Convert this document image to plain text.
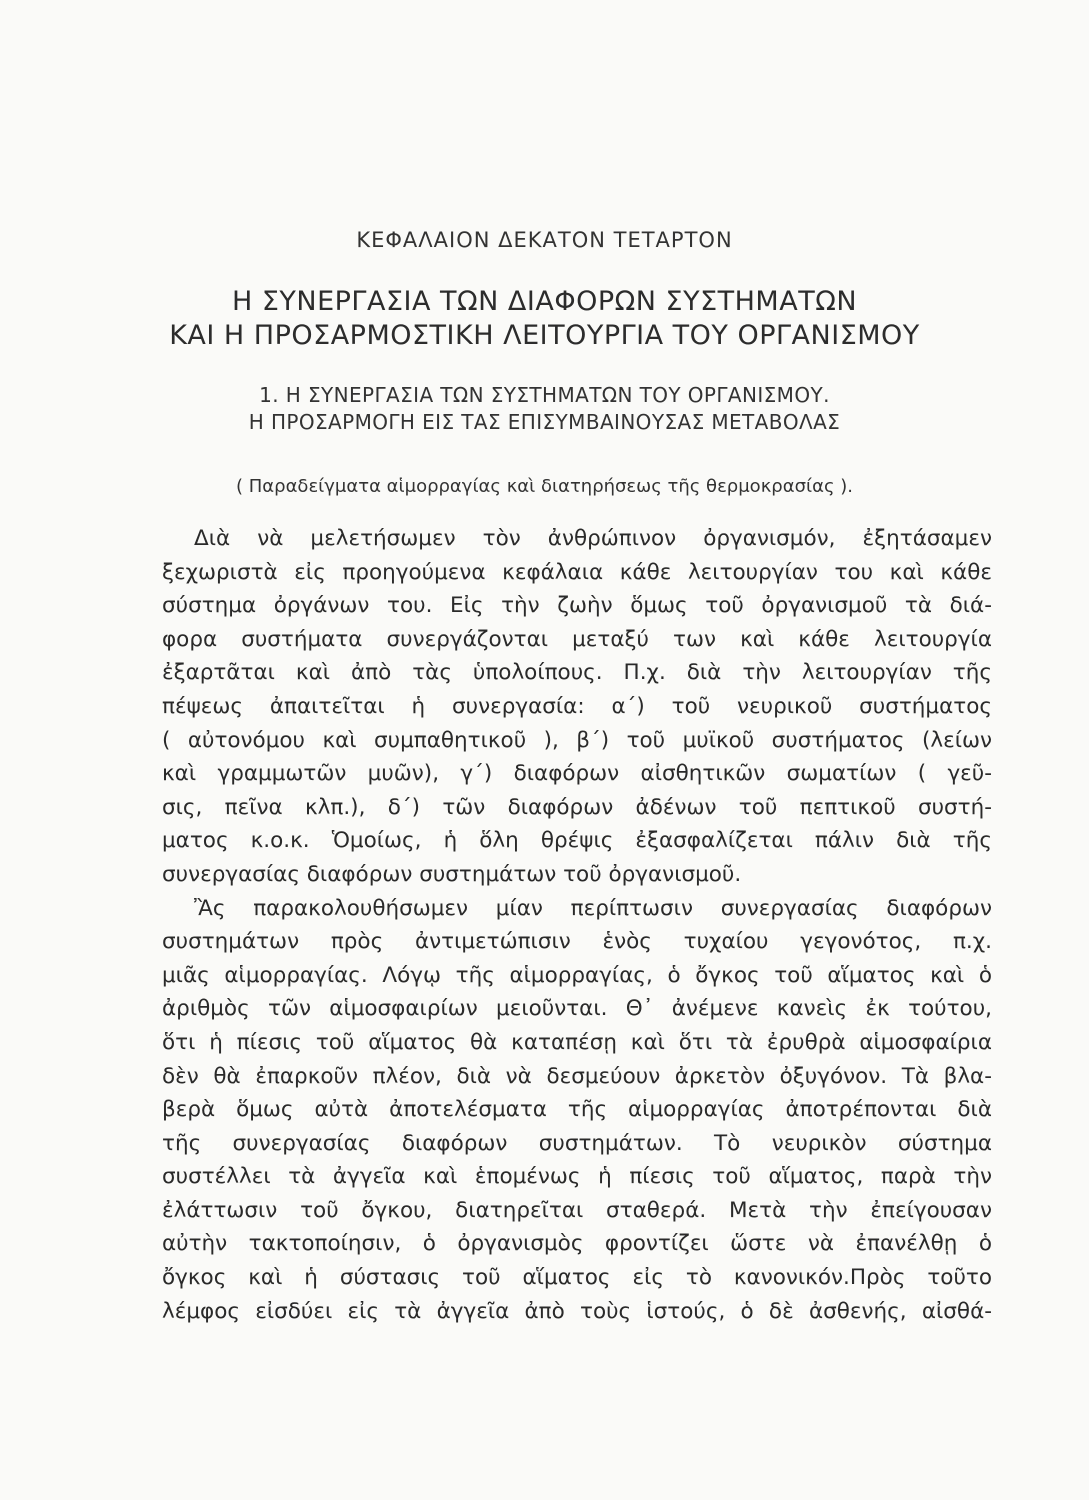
ΚΕΦΑΛΑΙΟΝ ΔΕΚΑΤΟΝ ΤΕΤΑΡΤΟΝ
Η ΣΥΝΕΡΓΑΣΙΑ ΤΩΝ ΔΙΑΦΟΡΩΝ ΣΥΣΤΗΜΑΤΩΝ
ΚΑΙ Η ΠΡΟΣΑΡΜΟΣΤΙΚΗ ΛΕΙΤΟΥΡΓΙΑ ΤΟΥ ΟΡΓΑΝΙΣΜΟΥ
1. Η ΣΥΝΕΡΓΑΣΙΑ ΤΩΝ ΣΥΣΤΗΜΑΤΩΝ ΤΟΥ ΟΡΓΑΝΙΣΜΟΥ.
Η ΠΡΟΣΑΡΜΟΓΗ ΕΙΣ ΤΑΣ ΕΠΙΣΥΜΒΑΙΝΟΥΣΑΣ ΜΕΤΑΒΟΛΑΣ
( Παραδείγματα αἱμορραγίας καὶ διατηρήσεως τῆς θερμοκρασίας ).
Διὰ νὰ μελετήσωμεν τὸν ἀνθρώπινον ὀργανισμόν, ἐξητάσαμεν
ξεχωριστὰ εἰς προηγούμενα κεφάλαια κάθε λειτουργίαν του καὶ κάθε
σύστημα ὀργάνων του. Εἰς τὴν ζωὴν ὅμως τοῦ ὀργανισμοῦ τὰ διά-
φορα συστήματα συνεργάζονται μεταξύ των καὶ κάθε λειτουργία
ἐξαρτᾶται καὶ ἀπὸ τὰς ὑπολοίπους. Π.χ. διὰ τὴν λειτουργίαν τῆς
πέψεως ἀπαιτεῖται ἡ συνεργασία: α΄) τοῦ νευρικοῦ συστήματος
( αὐτονόμου καὶ συμπαθητικοῦ ), β΄) τοῦ μυϊκοῦ συστήματος (λείων
καὶ γραμμωτῶν μυῶν), γ΄) διαφόρων αἰσθητικῶν σωματίων ( γεῦ-
σις, πεῖνα κλπ.), δ΄) τῶν διαφόρων ἀδένων τοῦ πεπτικοῦ συστή-
ματος κ.ο.κ. Ὁμοίως, ἡ ὅλη θρέψις ἐξασφαλίζεται πάλιν διὰ τῆς
συνεργασίας διαφόρων συστημάτων τοῦ ὀργανισμοῦ.
Ἂς παρακολουθήσωμεν μίαν περίπτωσιν συνεργασίας διαφόρων
συστημάτων πρὸς ἀντιμετώπισιν ἑνὸς τυχαίου γεγονότος, π.χ.
μιᾶς αἱμορραγίας. Λόγῳ τῆς αἱμορραγίας, ὁ ὄγκος τοῦ αἵματος καὶ ὁ
ἀριθμὸς τῶν αἱμοσφαιρίων μειοῦνται. Θ᾿ ἀνέμενε κανεὶς ἐκ τούτου,
ὅτι ἡ πίεσις τοῦ αἵματος θὰ καταπέσῃ καὶ ὅτι τὰ ἐρυθρὰ αἱμοσφαίρια
δὲν θὰ ἐπαρκοῦν πλέον, διὰ νὰ δεσμεύουν ἀρκετὸν ὀξυγόνον. Τὰ βλα-
βερὰ ὅμως αὐτὰ ἀποτελέσματα τῆς αἱμορραγίας ἀποτρέπονται διὰ
τῆς συνεργασίας διαφόρων συστημάτων. Τὸ νευρικὸν σύστημα
συστέλλει τὰ ἀγγεῖα καὶ ἑπομένως ἡ πίεσις τοῦ αἵματος, παρὰ τὴν
ἐλάττωσιν τοῦ ὄγκου, διατηρεῖται σταθερά. Μετὰ τὴν ἐπείγουσαν
αὐτὴν τακτοποίησιν, ὁ ὀργανισμὸς φροντίζει ὥστε νὰ ἐπανέλθῃ ὁ
ὄγκος καὶ ἡ σύστασις τοῦ αἵματος εἰς τὸ κανονικόν.Πρὸς τοῦτο
λέμφος εἰσδύει εἰς τὰ ἀγγεῖα ἀπὸ τοὺς ἱστούς, ὁ δὲ ἀσθενής, αἰσθά-
